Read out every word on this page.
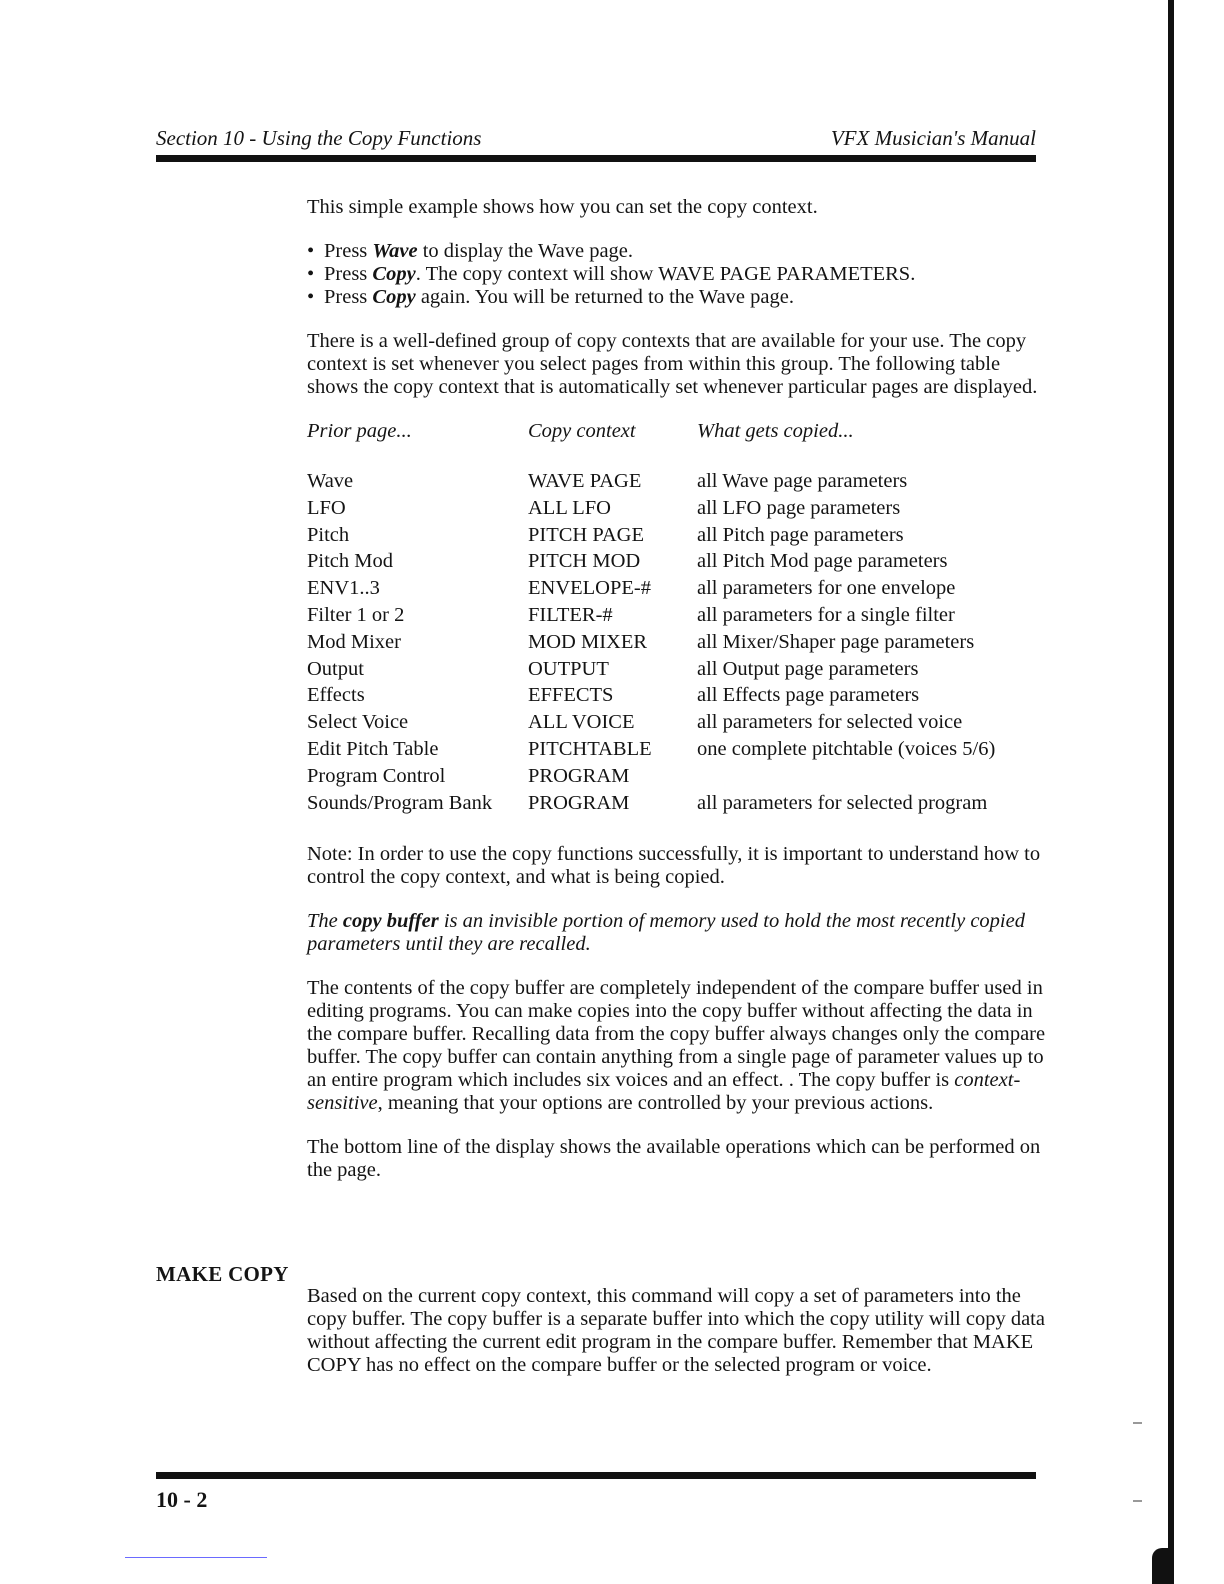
Section 10 - Using the Copy Functions	VFX Musician's Manual

This simple example shows how you can set the copy context.

• Press Wave to display the Wave page.
• Press Copy. The copy context will show WAVE PAGE PARAMETERS.
• Press Copy again. You will be returned to the Wave page.

There is a well-defined group of copy contexts that are available for your use. The copy context is set whenever you select pages from within this group. The following table shows the copy context that is automatically set whenever particular pages are displayed.

Prior page...	Copy context	What gets copied...
Wave	WAVE PAGE	all Wave page parameters
LFO	ALL LFO	all LFO page parameters
Pitch	PITCH PAGE	all Pitch page parameters
Pitch Mod	PITCH MOD	all Pitch Mod page parameters
ENV1..3	ENVELOPE-#	all parameters for one envelope
Filter 1 or 2	FILTER-#	all parameters for a single filter
Mod Mixer	MOD MIXER	all Mixer/Shaper page parameters
Output	OUTPUT	all Output page parameters
Effects	EFFECTS	all Effects page parameters
Select Voice	ALL VOICE	all parameters for selected voice
Edit Pitch Table	PITCHTABLE	one complete pitchtable (voices 5/6)
Program Control	PROGRAM	
Sounds/Program Bank	PROGRAM	all parameters for selected program

Note: In order to use the copy functions successfully, it is important to understand how to control the copy context, and what is being copied.

The copy buffer is an invisible portion of memory used to hold the most recently copied parameters until they are recalled.

The contents of the copy buffer are completely independent of the compare buffer used in editing programs. You can make copies into the copy buffer without affecting the data in the compare buffer. Recalling data from the copy buffer always changes only the compare buffer. The copy buffer can contain anything from a single page of parameter values up to an entire program which includes six voices and an effect. . The copy buffer is context-sensitive, meaning that your options are controlled by your previous actions.

The bottom line of the display shows the available operations which can be performed on the page.

MAKE COPY
Based on the current copy context, this command will copy a set of parameters into the copy buffer. The copy buffer is a separate buffer into which the copy utility will copy data without affecting the current edit program in the compare buffer. Remember that MAKE COPY has no effect on the compare buffer or the selected program or voice.
10 - 2
